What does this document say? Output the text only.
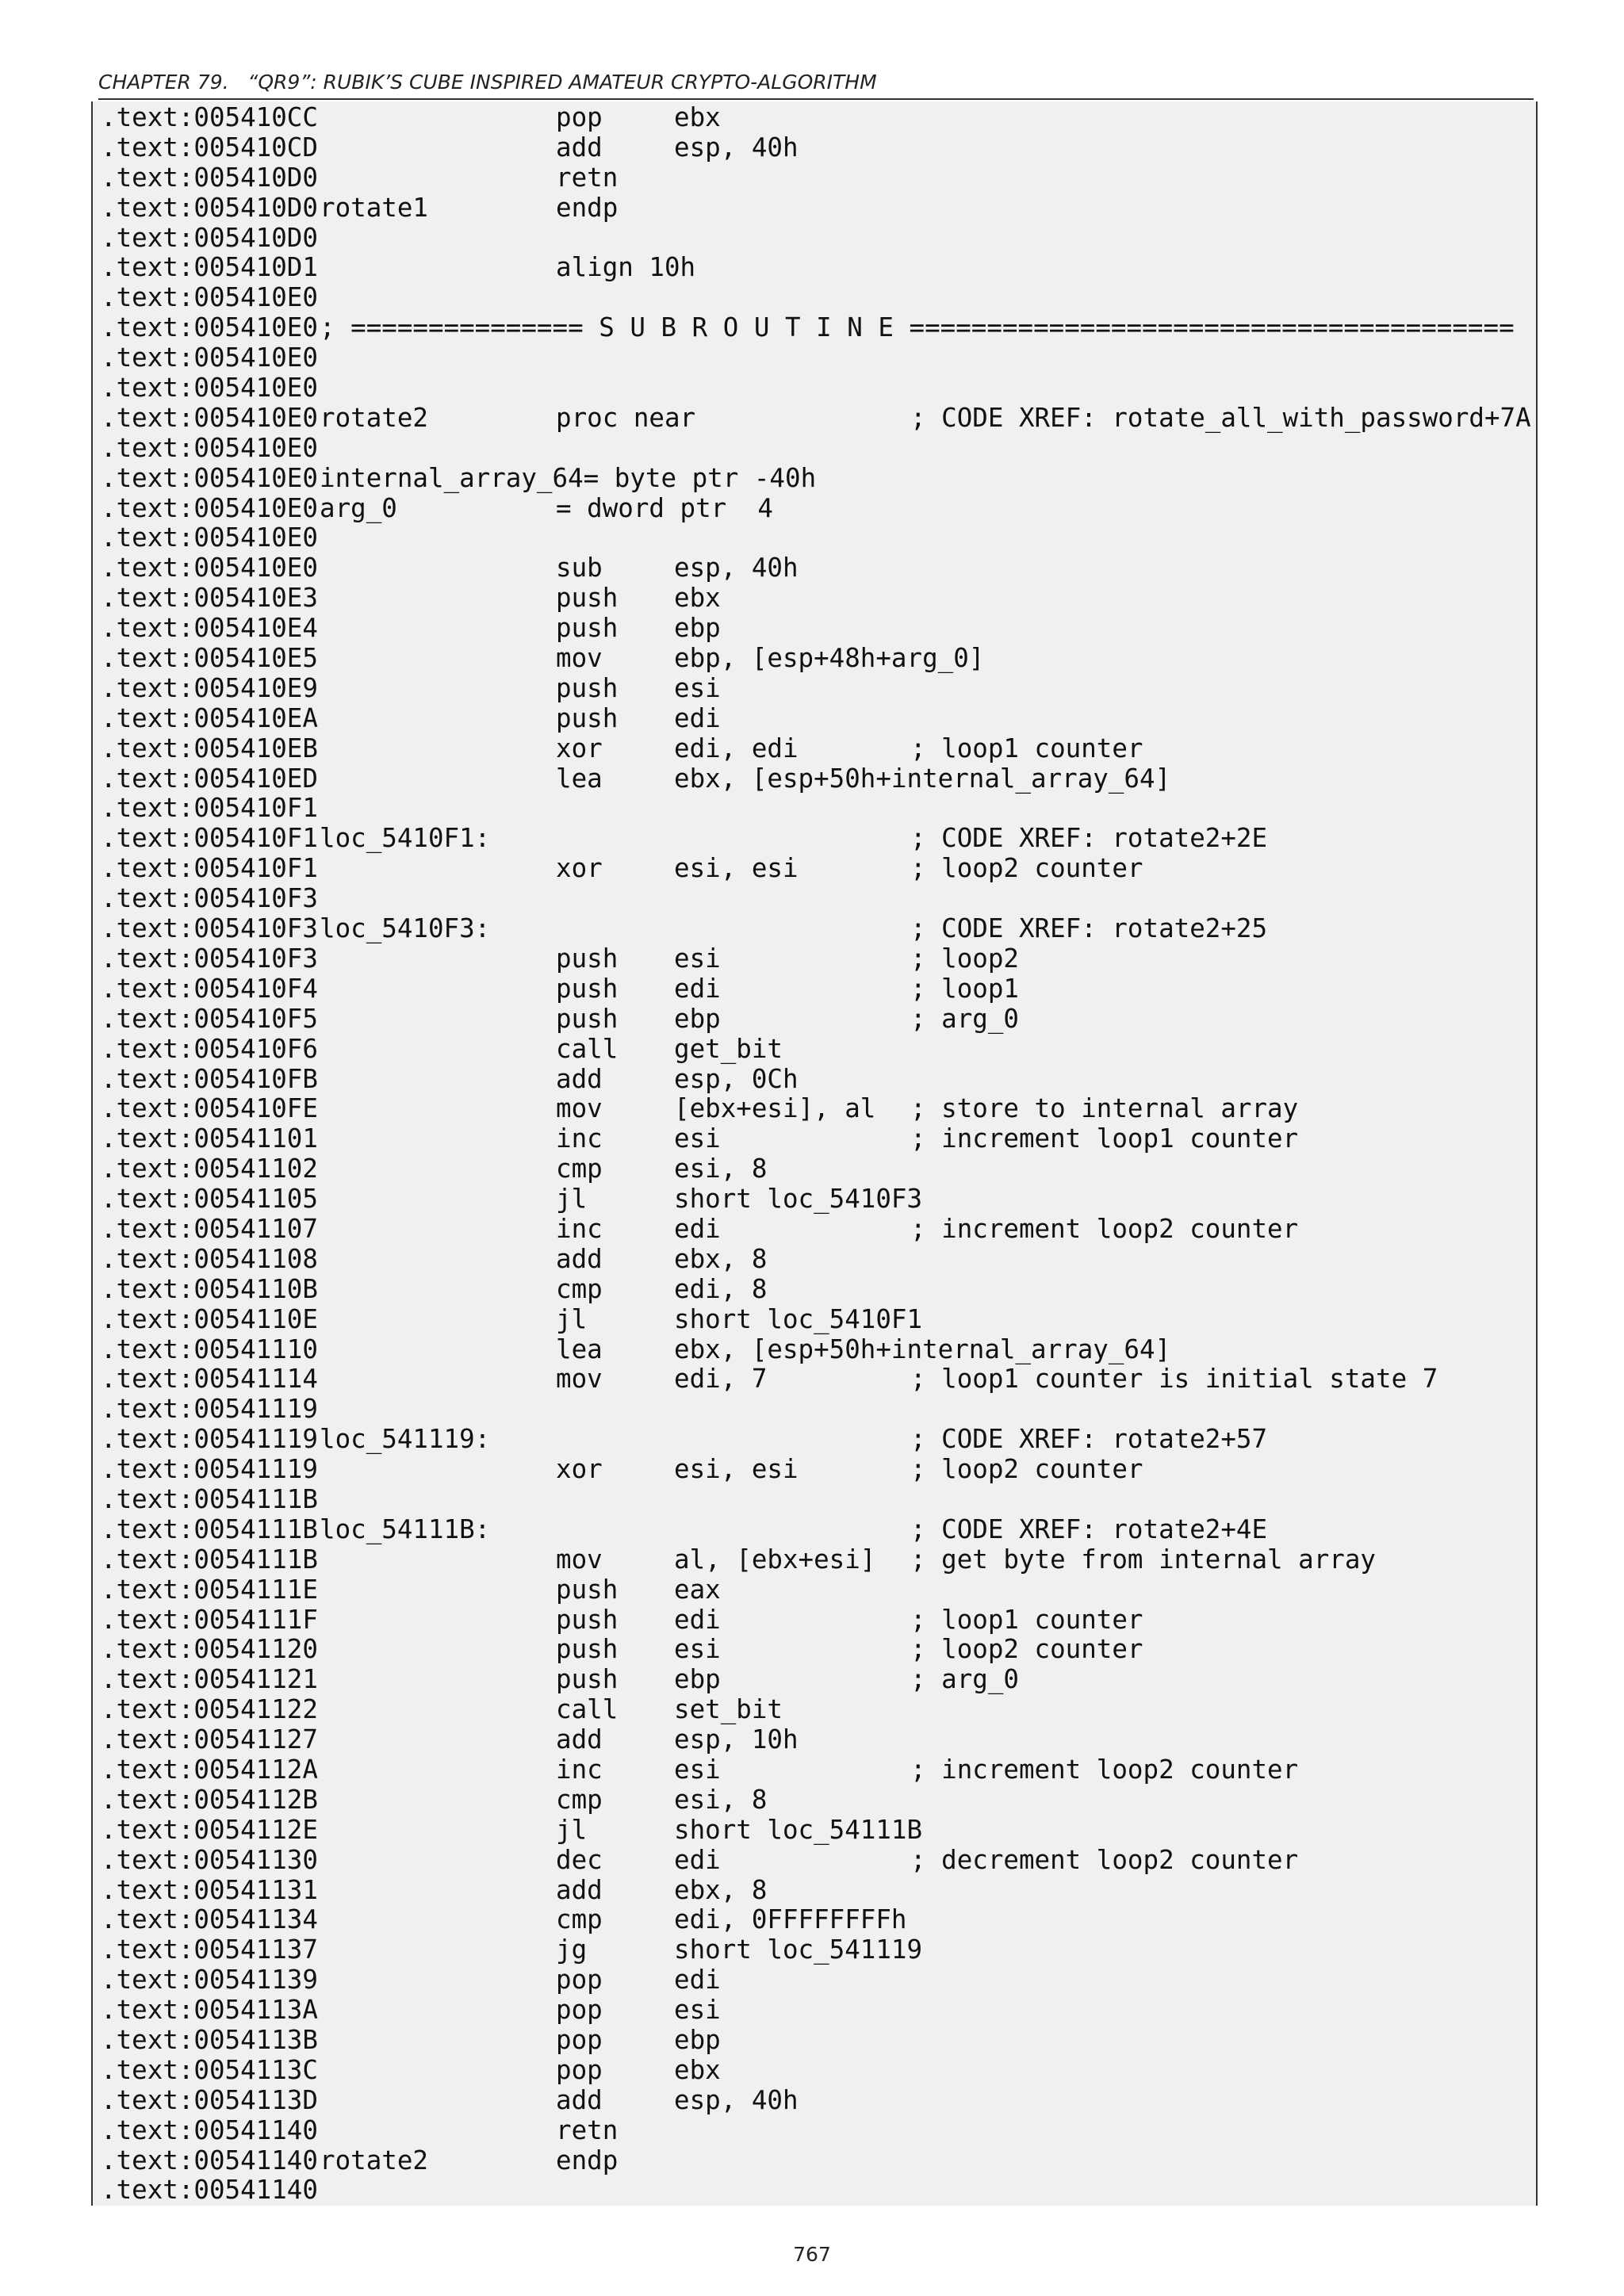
CHAPTER 79.   “QR9”: RUBIK’S CUBE INSPIRED AMATEUR CRYPTO-ALGORITHM
.text:005410CC	pop	ebx
.text:005410CD	add	esp, 40h
.text:005410D0	retn
.text:005410D0rotate1	endp
.text:005410D0
.text:005410D1	align 10h
.text:005410E0
.text:005410E0; =============== S U B R O U T I N E =======================================
.text:005410E0
.text:005410E0
.text:005410E0rotate2	proc near	; CODE XREF: rotate_all_with_password+7A
.text:005410E0
.text:005410E0internal_array_64= byte ptr -40h
.text:005410E0arg_0	= dword ptr  4
.text:005410E0
.text:005410E0	sub	esp, 40h
.text:005410E3	push ebx
.text:005410E4	push ebp
.text:005410E5	mov	ebp, [esp+48h+arg_0]
.text:005410E9	push esi
.text:005410EA	push edi
.text:005410EB	xor	edi, edi	; loop1 counter
.text:005410ED	lea	ebx, [esp+50h+internal_array_64]
.text:005410F1
.text:005410F1loc_5410F1:	; CODE XREF: rotate2+2E
.text:005410F1	xor	esi, esi	; loop2 counter
.text:005410F3
.text:005410F3loc_5410F3:	; CODE XREF: rotate2+25
.text:005410F3	push esi	; loop2
.text:005410F4	push edi	; loop1
.text:005410F5	push ebp	; arg_0
.text:005410F6	call get_bit
.text:005410FB	add	esp, 0Ch
.text:005410FE	mov	[ebx+esi], al ; store to internal array
.text:00541101	inc	esi	; increment loop1 counter
.text:00541102	cmp	esi, 8
.text:00541105	jl	short loc_5410F3
.text:00541107	inc	edi	; increment loop2 counter
.text:00541108	add	ebx, 8
.text:0054110B	cmp	edi, 8
.text:0054110E	jl	short loc_5410F1
.text:00541110	lea	ebx, [esp+50h+internal_array_64]
.text:00541114	mov	edi, 7	; loop1 counter is initial state 7
.text:00541119
.text:00541119loc_541119:	; CODE XREF: rotate2+57
.text:00541119	xor	esi, esi	; loop2 counter
.text:0054111B
.text:0054111Bloc_54111B:	; CODE XREF: rotate2+4E
.text:0054111B	mov	al, [ebx+esi] ; get byte from internal array
.text:0054111E	push eax
.text:0054111F	push edi	; loop1 counter
.text:00541120	push esi	; loop2 counter
.text:00541121	push ebp	; arg_0
.text:00541122	call set_bit
.text:00541127	add	esp, 10h
.text:0054112A	inc	esi	; increment loop2 counter
.text:0054112B	cmp	esi, 8
.text:0054112E	jl	short loc_54111B
.text:00541130	dec	edi	; decrement loop2 counter
.text:00541131	add	ebx, 8
.text:00541134	cmp	edi, 0FFFFFFFFh
.text:00541137	jg	short loc_541119
.text:00541139	pop	edi
.text:0054113A	pop	esi
.text:0054113B	pop	ebp
.text:0054113C	pop	ebx
.text:0054113D	add	esp, 40h
.text:00541140	retn
.text:00541140rotate2	endp
.text:00541140
767
